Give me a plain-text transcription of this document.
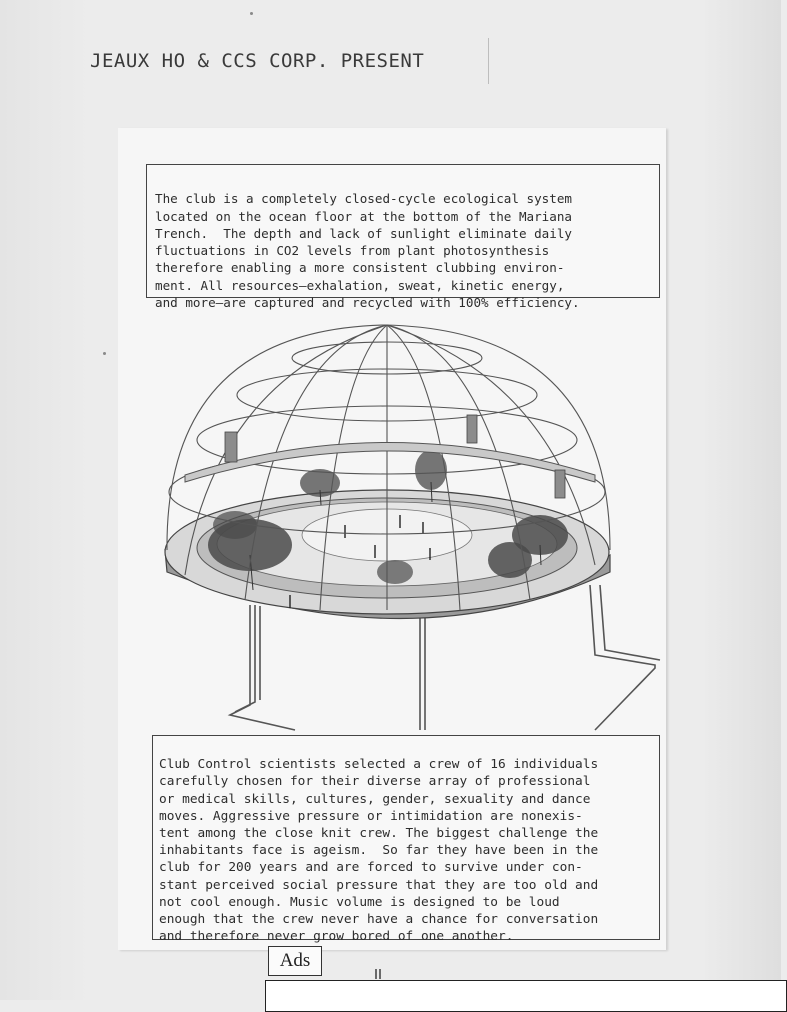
JEAUX HO & CCS CORP. PRESENT

The club is a completely closed-cycle ecological system
located on the ocean floor at the bottom of the Mariana
Trench.  The depth and lack of sunlight eliminate daily
fluctuations in CO2 levels from plant photosynthesis
therefore enabling a more consistent clubbing environ-
ment. All resources—exhalation, sweat, kinetic energy,
and more—are captured and recycled with 100% efficiency.

Club Control scientists selected a crew of 16 individuals
carefully chosen for their diverse array of professional
or medical skills, cultures, gender, sexuality and dance
moves. Aggressive pressure or intimidation are nonexis-
tent among the close knit crew. The biggest challenge the
inhabitants face is ageism.  So far they have been in the
club for 200 years and are forced to survive under con-
stant perceived social pressure that they are too old and
not cool enough. Music volume is designed to be loud
enough that the crew never have a chance for conversation
and therefore never grow bored of one another.

Ads
